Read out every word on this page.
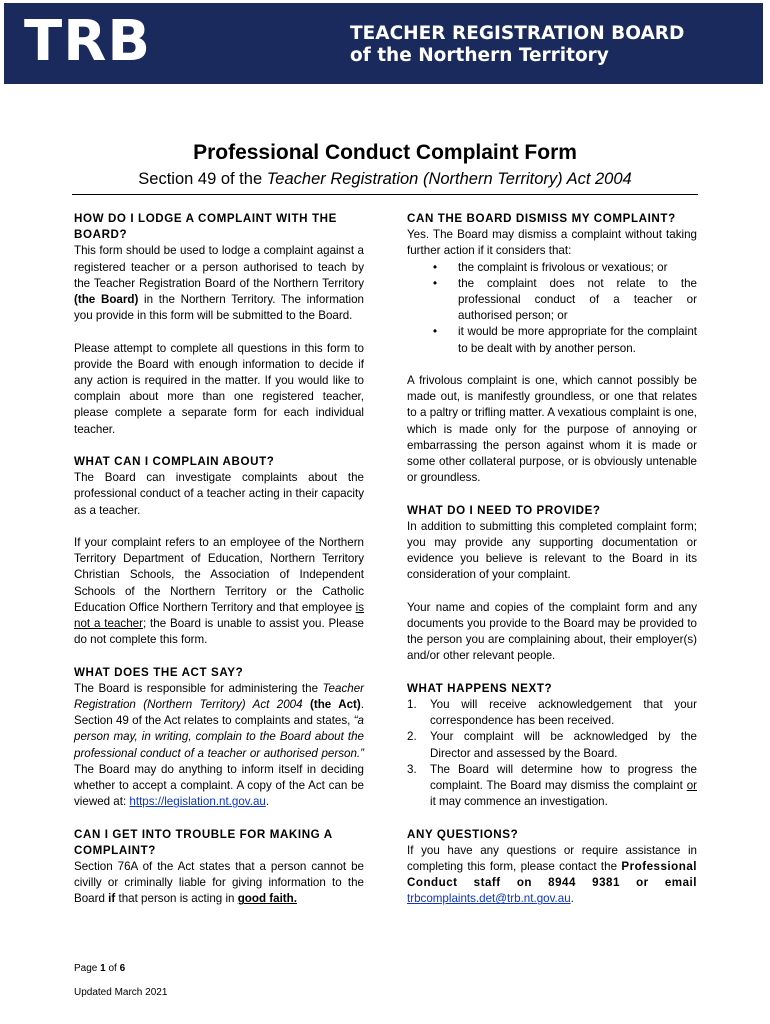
TRB	TEACHER REGISTRATION BOARD
of the Northern Territory
Professional Conduct Complaint Form
Section 49 of the Teacher Registration (Northern Territory) Act 2004

HOW DO I LODGE A COMPLAINT WITH THE BOARD?

This form should be used to lodge a complaint against a registered teacher or a person authorised to teach by the Teacher Registration Board of the Northern Territory (the Board) in the Northern Territory. The information you provide in this form will be submitted to the Board.

Please attempt to complete all questions in this form to provide the Board with enough information to decide if any action is required in the matter. If you would like to complain about more than one registered teacher, please complete a separate form for each individual teacher.

WHAT CAN I COMPLAIN ABOUT?

The Board can investigate complaints about the professional conduct of a teacher acting in their capacity as a teacher.

If your complaint refers to an employee of the Northern Territory Department of Education, Northern Territory Christian Schools, the Association of Independent Schools of the Northern Territory or the Catholic Education Office Northern Territory and that employee is not a teacher; the Board is unable to assist you. Please do not complete this form.

WHAT DOES THE ACT SAY?

The Board is responsible for administering the Teacher Registration (Northern Territory) Act 2004 (the Act). Section 49 of the Act relates to complaints and states, “a person may, in writing, complain to the Board about the professional conduct of a teacher or authorised person.” The Board may do anything to inform itself in deciding whether to accept a complaint. A copy of the Act can be viewed at: https://legislation.nt.gov.au.

CAN I GET INTO TROUBLE FOR MAKING A COMPLAINT?

Section 76A of the Act states that a person cannot be civilly or criminally liable for giving information to the Board if that person is acting in good faith.

CAN THE BOARD DISMISS MY COMPLAINT?

Yes. The Board may dismiss a complaint without taking further action if it considers that:

• the complaint is frivolous or vexatious; or
• the complaint does not relate to the professional conduct of a teacher or authorised person; or
• it would be more appropriate for the complaint to be dealt with by another person.

A frivolous complaint is one, which cannot possibly be made out, is manifestly groundless, or one that relates to a paltry or trifling matter. A vexatious complaint is one, which is made only for the purpose of annoying or embarrassing the person against whom it is made or some other collateral purpose, or is obviously untenable or groundless.

WHAT DO I NEED TO PROVIDE?

In addition to submitting this completed complaint form; you may provide any supporting documentation or evidence you believe is relevant to the Board in its consideration of your complaint.

Your name and copies of the complaint form and any documents you provide to the Board may be provided to the person you are complaining about, their employer(s) and/or other relevant people.

WHAT HAPPENS NEXT?

1. You will receive acknowledgement that your correspondence has been received.
2. Your complaint will be acknowledged by the Director and assessed by the Board.
3. The Board will determine how to progress the complaint. The Board may dismiss the complaint or it may commence an investigation.

ANY QUESTIONS?

If you have any questions or require assistance in completing this form, please contact the Professional Conduct staff on 8944 9381 or email trbcomplaints.det@trb.nt.gov.au.

Page 1 of 6
Updated March 2021
